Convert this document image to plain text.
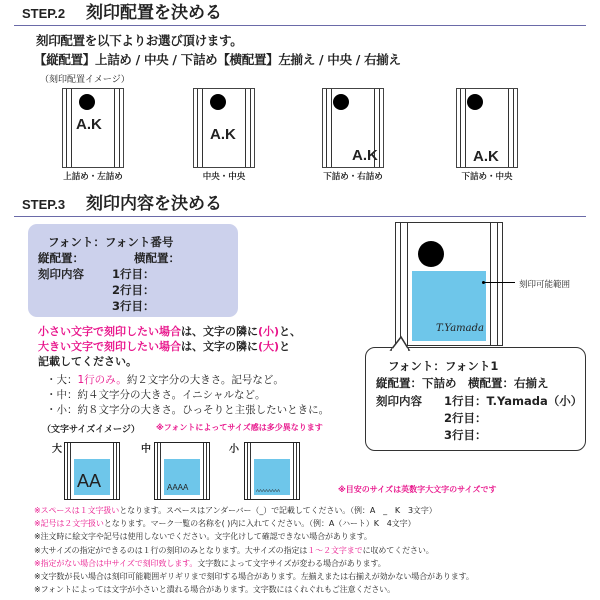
STEP.2 刻印配置を決める
刻印配置を以下よりお選び頂けます。
【縦配置】上詰め / 中央 / 下詰め【横配置】左揃え / 中央 / 右揃え
（刻印配置イメージ）
A.K
上詰め・左詰め
A.K
中央・中央
A.K
下詰め・右詰め
A.K
下詰め・中央
STEP.3 刻印内容を決める
フォント：フォント番号
縦配置：	横配置：
刻印内容 1行目：
2行目：
3行目：
小さい文字で刻印したい場合は、文字の隣に(小)と、
大きい文字で刻印したい場合は、文字の隣に(大)と
記載してください。
・大：1行のみ。約２文字分の大きさ。記号など。
・中：約４文字分の大きさ。イニシャルなど。
・小：約８文字分の大きさ。ひっそりと主張したいときに。
（文字サイズイメージ） ※フォントによってサイズ感は多少異なります
大
AA
中
AAAA
小
AAAAAAAA	※目安のサイズは英数字大文字のサイズです
T.Yamada
刻印可能範囲
フォント：フォント1
縦配置：下詰め　横配置：右揃え
刻印内容 1行目：T.Yamada（小）
2行目：
3行目：
※スペースは１文字扱いとなります。スペースはアンダーバー（_）で記載してください。（例：A　_　K　3文字）
※記号は２文字扱いとなります。マーク一覧の名称を( )内に入れてください。（例：A（ハート）K　4文字）
※注文時に絵文字や記号は使用しないでください。文字化けして確認できない場合があります。
※大サイズの指定ができるのは１行の刻印のみとなります。大サイズの指定は１〜２文字までに収めてください。
※指定がない場合は中サイズで刻印致します。文字数によって文字サイズが変わる場合があります。
※文字数が長い場合は刻印可能範囲ギリギリまで刻印する場合があります。左揃えまたは右揃えが効かない場合があります。
※フォントによっては文字が小さいと潰れる場合があります。文字数にはくれぐれもご注意ください。
